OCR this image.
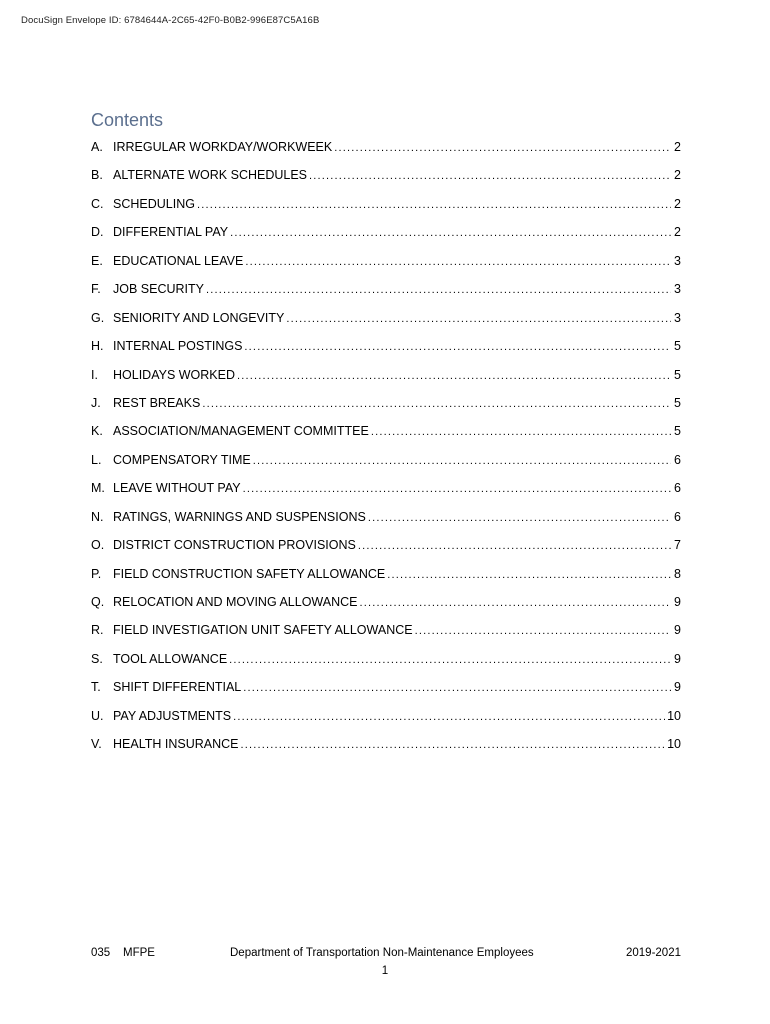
DocuSign Envelope ID: 6784644A-2C65-42F0-B0B2-996E87C5A16B
Contents
A. IRREGULAR WORKDAY/WORKWEEK .....	2
B. ALTERNATE WORK SCHEDULES .....	2
C. SCHEDULING .....	2
D. DIFFERENTIAL PAY .....	2
E. EDUCATIONAL LEAVE .....	3
F. JOB SECURITY .....	3
G. SENIORITY AND LONGEVITY .....	3
H. INTERNAL POSTINGS .....	5
I.	HOLIDAYS WORKED .....	5
J. REST BREAKS .....	5
K. ASSOCIATION/MANAGEMENT COMMITTEE .....	5
L. COMPENSATORY TIME .....	6
M. LEAVE WITHOUT PAY .....	6
N. RATINGS, WARNINGS AND SUSPENSIONS .....	6
O. DISTRICT CONSTRUCTION PROVISIONS .....	7
P. FIELD CONSTRUCTION SAFETY ALLOWANCE .....	8
Q. RELOCATION AND MOVING ALLOWANCE .....	9
R. FIELD INVESTIGATION UNIT SAFETY ALLOWANCE .....	9
S. TOOL ALLOWANCE .....	9
T. SHIFT DIFFERENTIAL .....	9
U. PAY ADJUSTMENTS .....	10
V. HEALTH INSURANCE .....	10
035 MFPE	Department of Transportation Non-Maintenance Employees	2019-2021
1
